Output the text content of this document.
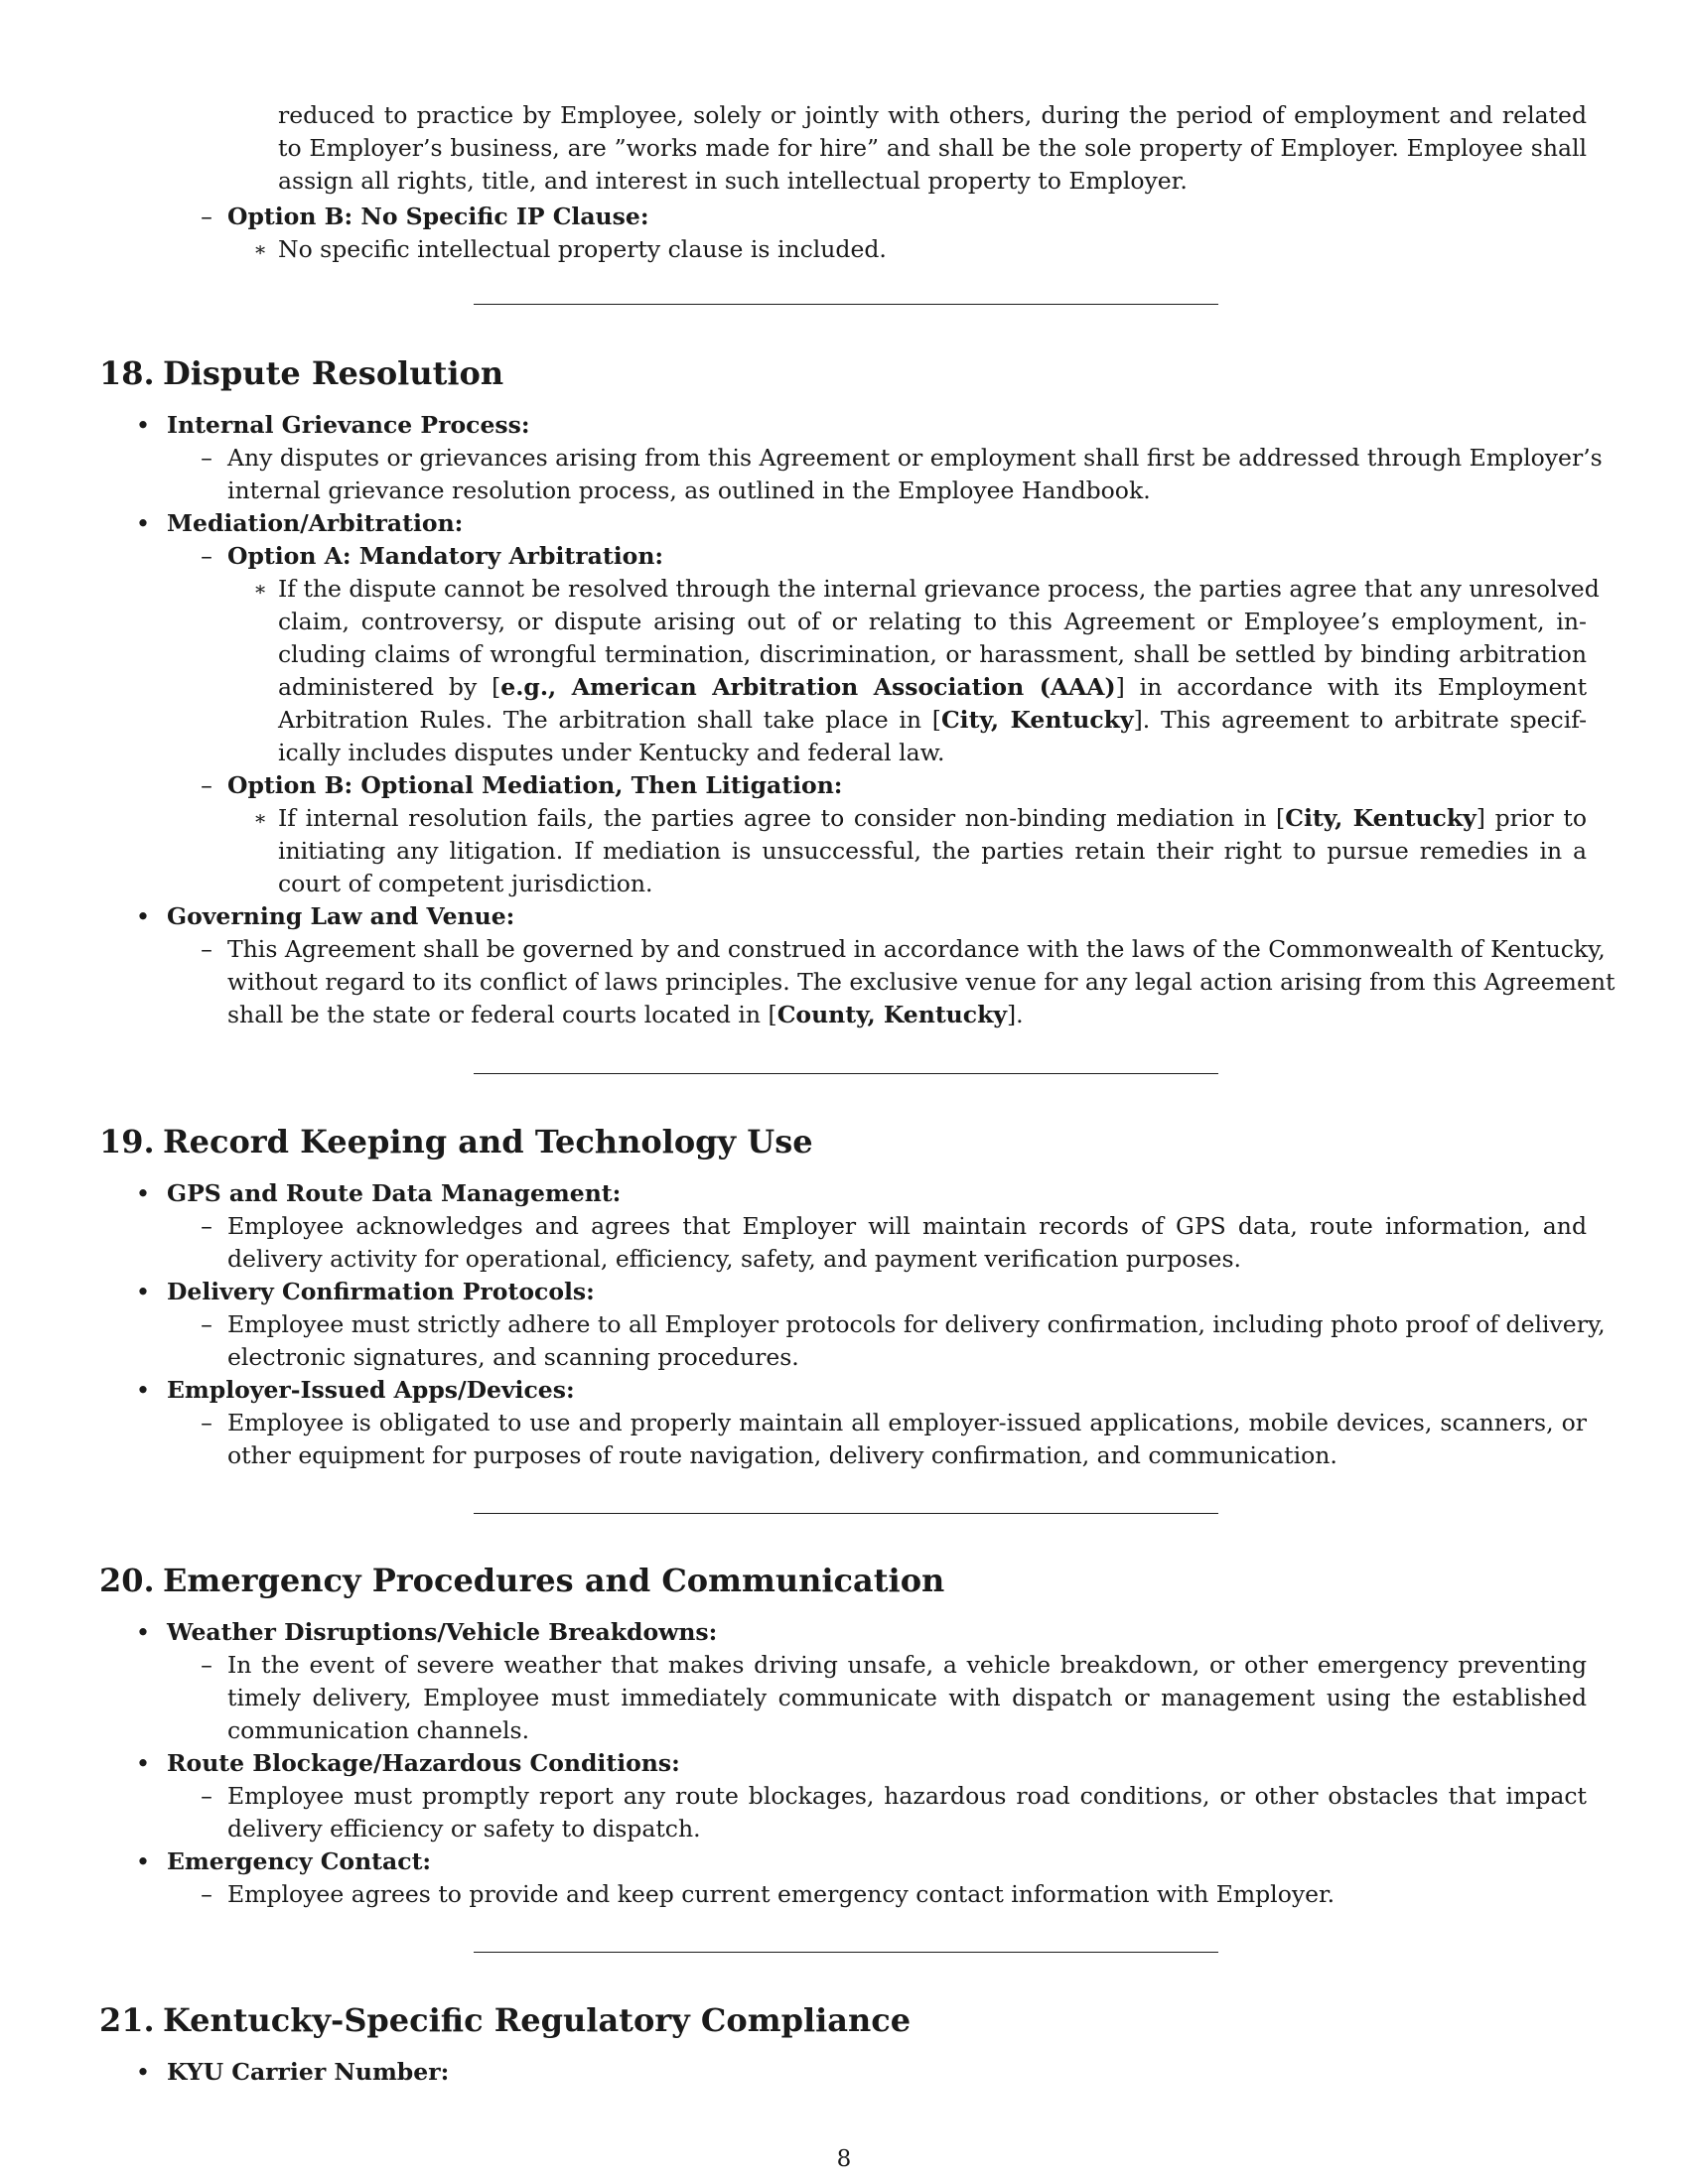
reduced to practice by Employee, solely or jointly with others, during the period of employment and related
to Employer’s business, are ”works made for hire” and shall be the sole property of Employer. Employee shall
assign all rights, title, and interest in such intellectual property to Employer.
– Option B: No Specific IP Clause:
∗ No specific intellectual property clause is included.
18. Dispute Resolution
• Internal Grievance Process:
– Any disputes or grievances arising from this Agreement or employment shall first be addressed through Employer’s
internal grievance resolution process, as outlined in the Employee Handbook.
• Mediation/Arbitration:
– Option A: Mandatory Arbitration:
∗ If the dispute cannot be resolved through the internal grievance process, the parties agree that any unresolved
claim, controversy, or dispute arising out of or relating to this Agreement or Employee’s employment, in-
cluding claims of wrongful termination, discrimination, or harassment, shall be settled by binding arbitration
administered by [e.g., American Arbitration Association (AAA)] in accordance with its Employment
Arbitration Rules. The arbitration shall take place in [City, Kentucky]. This agreement to arbitrate specif-
ically includes disputes under Kentucky and federal law.
– Option B: Optional Mediation, Then Litigation:
∗ If internal resolution fails, the parties agree to consider non-binding mediation in [City, Kentucky] prior to
initiating any litigation. If mediation is unsuccessful, the parties retain their right to pursue remedies in a
court of competent jurisdiction.
• Governing Law and Venue:
– This Agreement shall be governed by and construed in accordance with the laws of the Commonwealth of Kentucky,
without regard to its conflict of laws principles. The exclusive venue for any legal action arising from this Agreement
shall be the state or federal courts located in [County, Kentucky].
19. Record Keeping and Technology Use
• GPS and Route Data Management:
– Employee acknowledges and agrees that Employer will maintain records of GPS data, route information, and
delivery activity for operational, efficiency, safety, and payment verification purposes.
• Delivery Confirmation Protocols:
– Employee must strictly adhere to all Employer protocols for delivery confirmation, including photo proof of delivery,
electronic signatures, and scanning procedures.
• Employer-Issued Apps/Devices:
– Employee is obligated to use and properly maintain all employer-issued applications, mobile devices, scanners, or
other equipment for purposes of route navigation, delivery confirmation, and communication.
20. Emergency Procedures and Communication
• Weather Disruptions/Vehicle Breakdowns:
– In the event of severe weather that makes driving unsafe, a vehicle breakdown, or other emergency preventing
timely delivery, Employee must immediately communicate with dispatch or management using the established
communication channels.
• Route Blockage/Hazardous Conditions:
– Employee must promptly report any route blockages, hazardous road conditions, or other obstacles that impact
delivery efficiency or safety to dispatch.
• Emergency Contact:
– Employee agrees to provide and keep current emergency contact information with Employer.
21. Kentucky-Specific Regulatory Compliance
• KYU Carrier Number:
8
